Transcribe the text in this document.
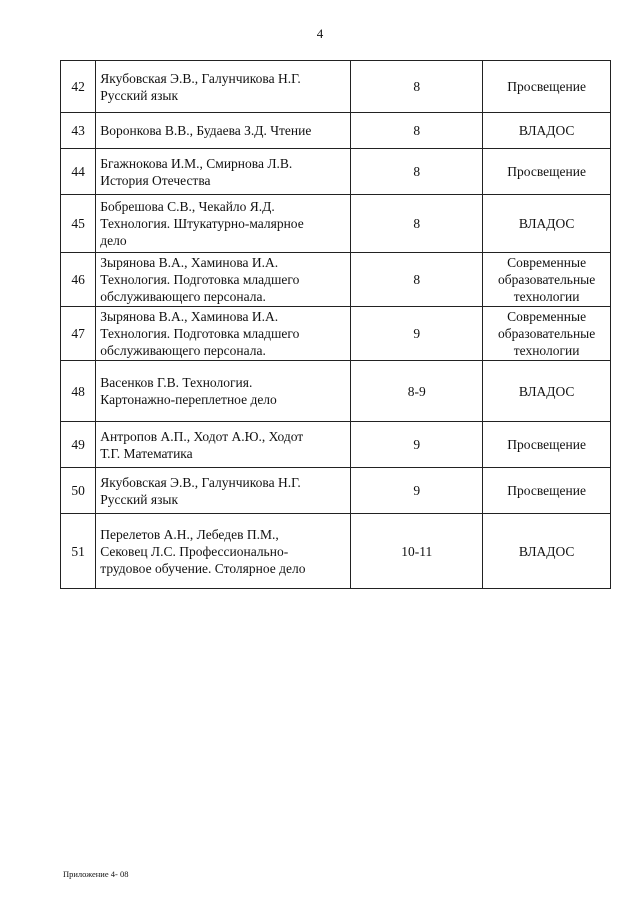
4
42	Якубовская Э.В., Галунчикова Н.Г.
Русский язык	8	Просвещение

43	Воронкова В.В., Будаева З.Д. Чтение	8	ВЛАДОС

44	Бгажнокова И.М., Смирнова Л.В.
История Отечества	8	Просвещение

45	Бобрешова С.В., Чекайло Я.Д.
Технология. Штукатурно-малярное
дело	8	ВЛАДОС

46	Зырянова В.А., Хаминова И.А.
Технология. Подготовка младшего
обслуживающего персонала.	8	Современные
образовательные
технологии

47	Зырянова В.А., Хаминова И.А.
Технология. Подготовка младшего
обслуживающего персонала.	9	Современные
образовательные
технологии

48	Васенков Г.В. Технология.
Картонажно-переплетное дело	8-9	ВЛАДОС

49	Антропов А.П., Ходот А.Ю., Ходот
Т.Г. Математика	9	Просвещение

50	Якубовская Э.В., Галунчикова Н.Г.
Русский язык	9	Просвещение

51	Перелетов А.Н., Лебедев П.М.,
Сековец Л.С. Профессионально-
трудовое обучение. Столярное дело	10-11	ВЛАДОС
Приложение 4- 08
